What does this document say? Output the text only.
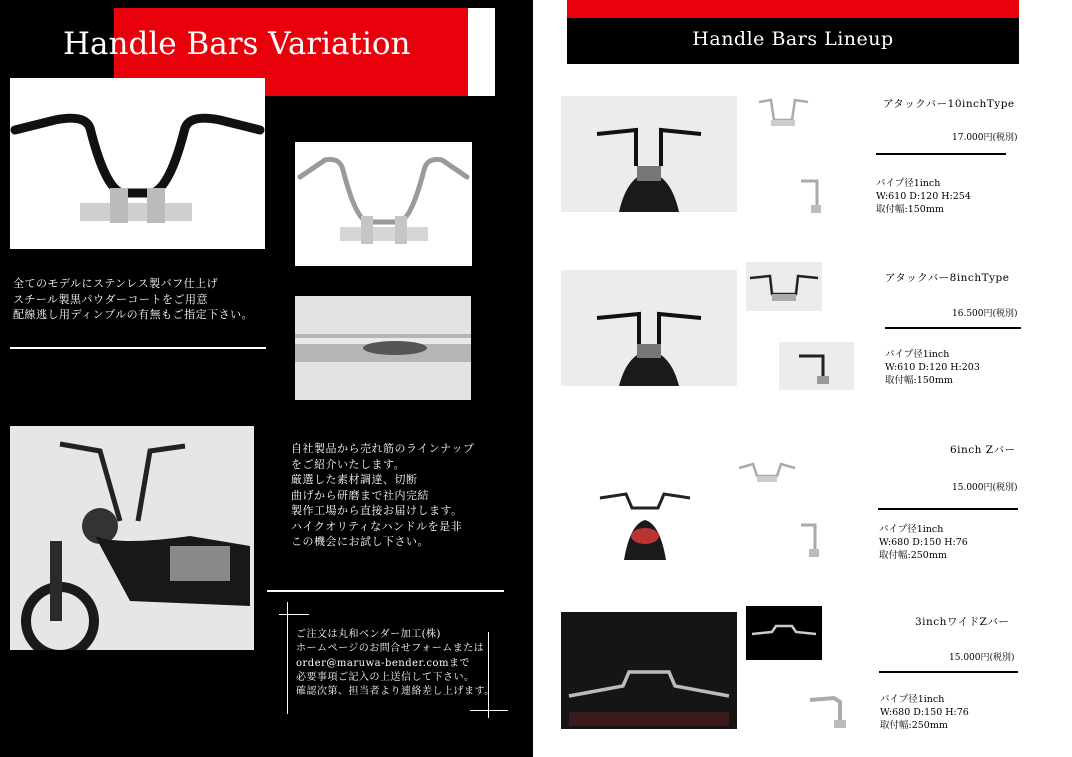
Handle Bars Variation
全てのモデルにステンレス製バフ仕上げ
スチール製黒パウダーコートをご用意
配線逃し用ディンプルの有無もご指定下さい。
自社製品から売れ筋のラインナップ
をご紹介いたします。
厳選した素材調達、切断
曲げから研磨まで社内完結
製作工場から直接お届けします。
ハイクオリティなハンドルを是非
この機会にお試し下さい。
ご注文は丸和ベンダー加工(株)
ホームページのお問合せフォームまたは
order@maruwa-bender.comまで
必要事項ご記入の上送信して下さい。
確認次第、担当者より連絡差し上げます。
Handle Bars Lineup
アタックバー10inchType
17.000円(税別)
パイプ径1inch
W:610 D:120 H:254
取付幅:150mm
アタックバー8inchType
16.500円(税別)
パイプ径1inch
W:610 D:120 H:203
取付幅:150mm
6inch Zバー
15.000円(税別)
パイプ径1inch
W:680 D:150 H:76
取付幅:250mm
3inchワイドZバー
15.000円(税別)
パイプ径1inch
W:680 D:150 H:76
取付幅:250mm
